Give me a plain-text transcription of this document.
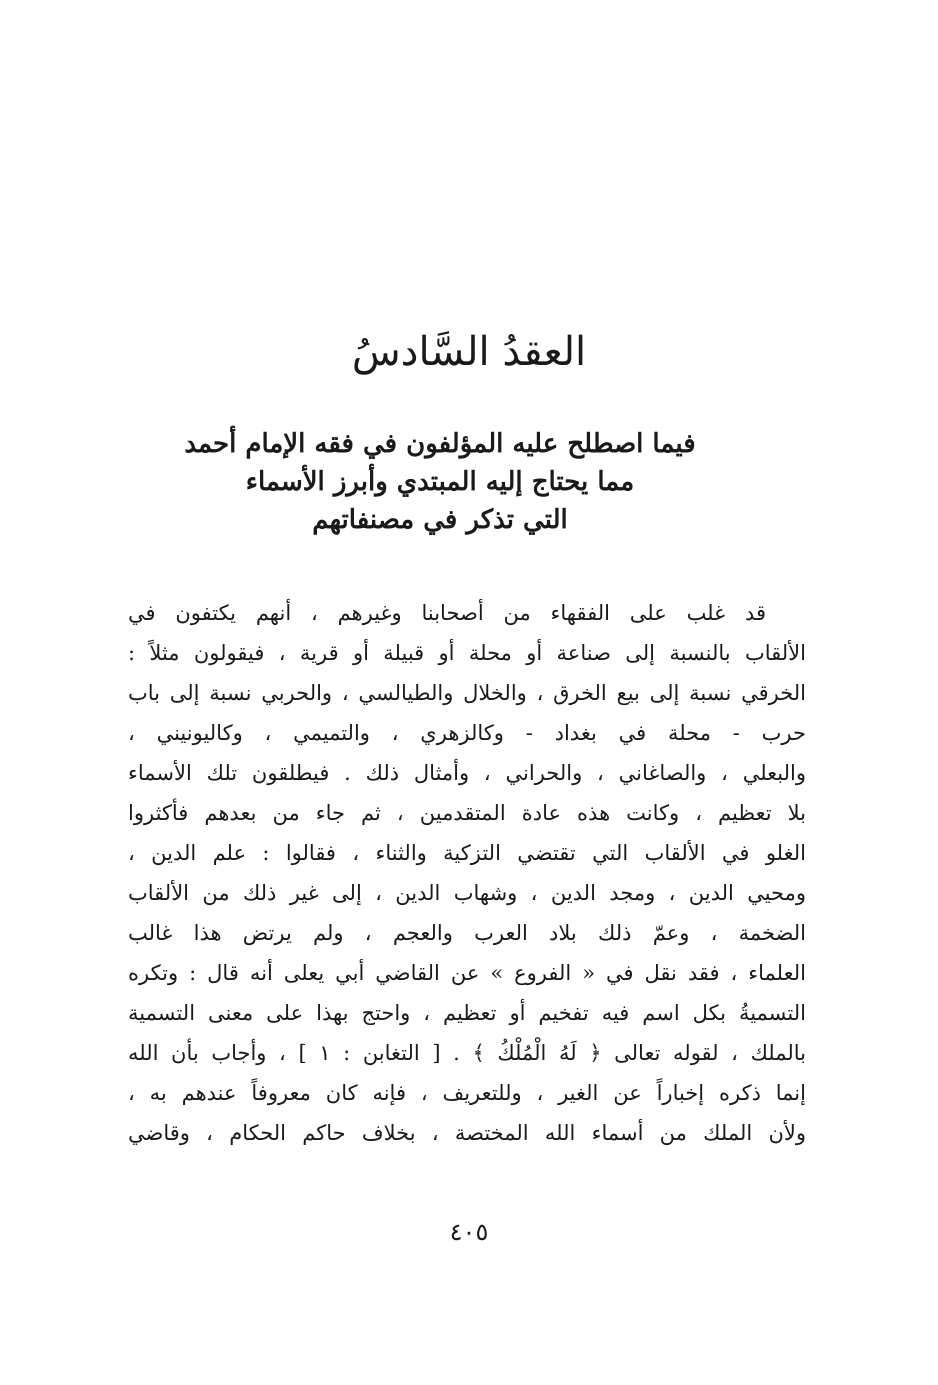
العقدُ السَّادسُ
فيما اصطلح عليه المؤلفون في فقه الإمام أحمد
مما يحتاج إليه المبتدي وأبرز الأسماء
التي تذكر في مصنفاتهم
قد غلب على الفقهاء من أصحابنا وغيرهم ، أنهم يكتفون في
الألقاب بالنسبة إلى صناعة أو محلة أو قبيلة أو قرية ، فيقولون مثلاً :
الخرقي نسبة إلى بيع الخرق ، والخلال والطيالسي ، والحربي نسبة إلى باب
حرب - محلة في بغداد - وكالزهري ، والتميمي ، وكاليونيني ،
والبعلي ، والصاغاني ، والحراني ، وأمثال ذلك . فيطلقون تلك الأسماء
بلا تعظيم ، وكانت هذه عادة المتقدمين ، ثم جاء من بعدهم فأكثروا
الغلو في الألقاب التي تقتضي التزكية والثناء ، فقالوا : علم الدين ،
ومحيي الدين ، ومجد الدين ، وشهاب الدين ، إلى غير ذلك من الألقاب
الضخمة ، وعمّ ذلك بلاد العرب والعجم ، ولم يرتض هذا غالب
العلماء ، فقد نقل في « الفروع » عن القاضي أبي يعلى أنه قال : وتكره
التسميةُ بكل اسم فيه تفخيم أو تعظيم ، واحتج بهذا على معنى التسمية
بالملك ، لقوله تعالى ﴿ لَهُ الْمُلْكُ ﴾ . [ التغابن : ١ ] ، وأجاب بأن الله
إنما ذكره إخباراً عن الغير ، وللتعريف ، فإنه كان معروفاً عندهم به ،
ولأن الملك من أسماء الله المختصة ، بخلاف حاكم الحكام ، وقاضي
٤٠٥
